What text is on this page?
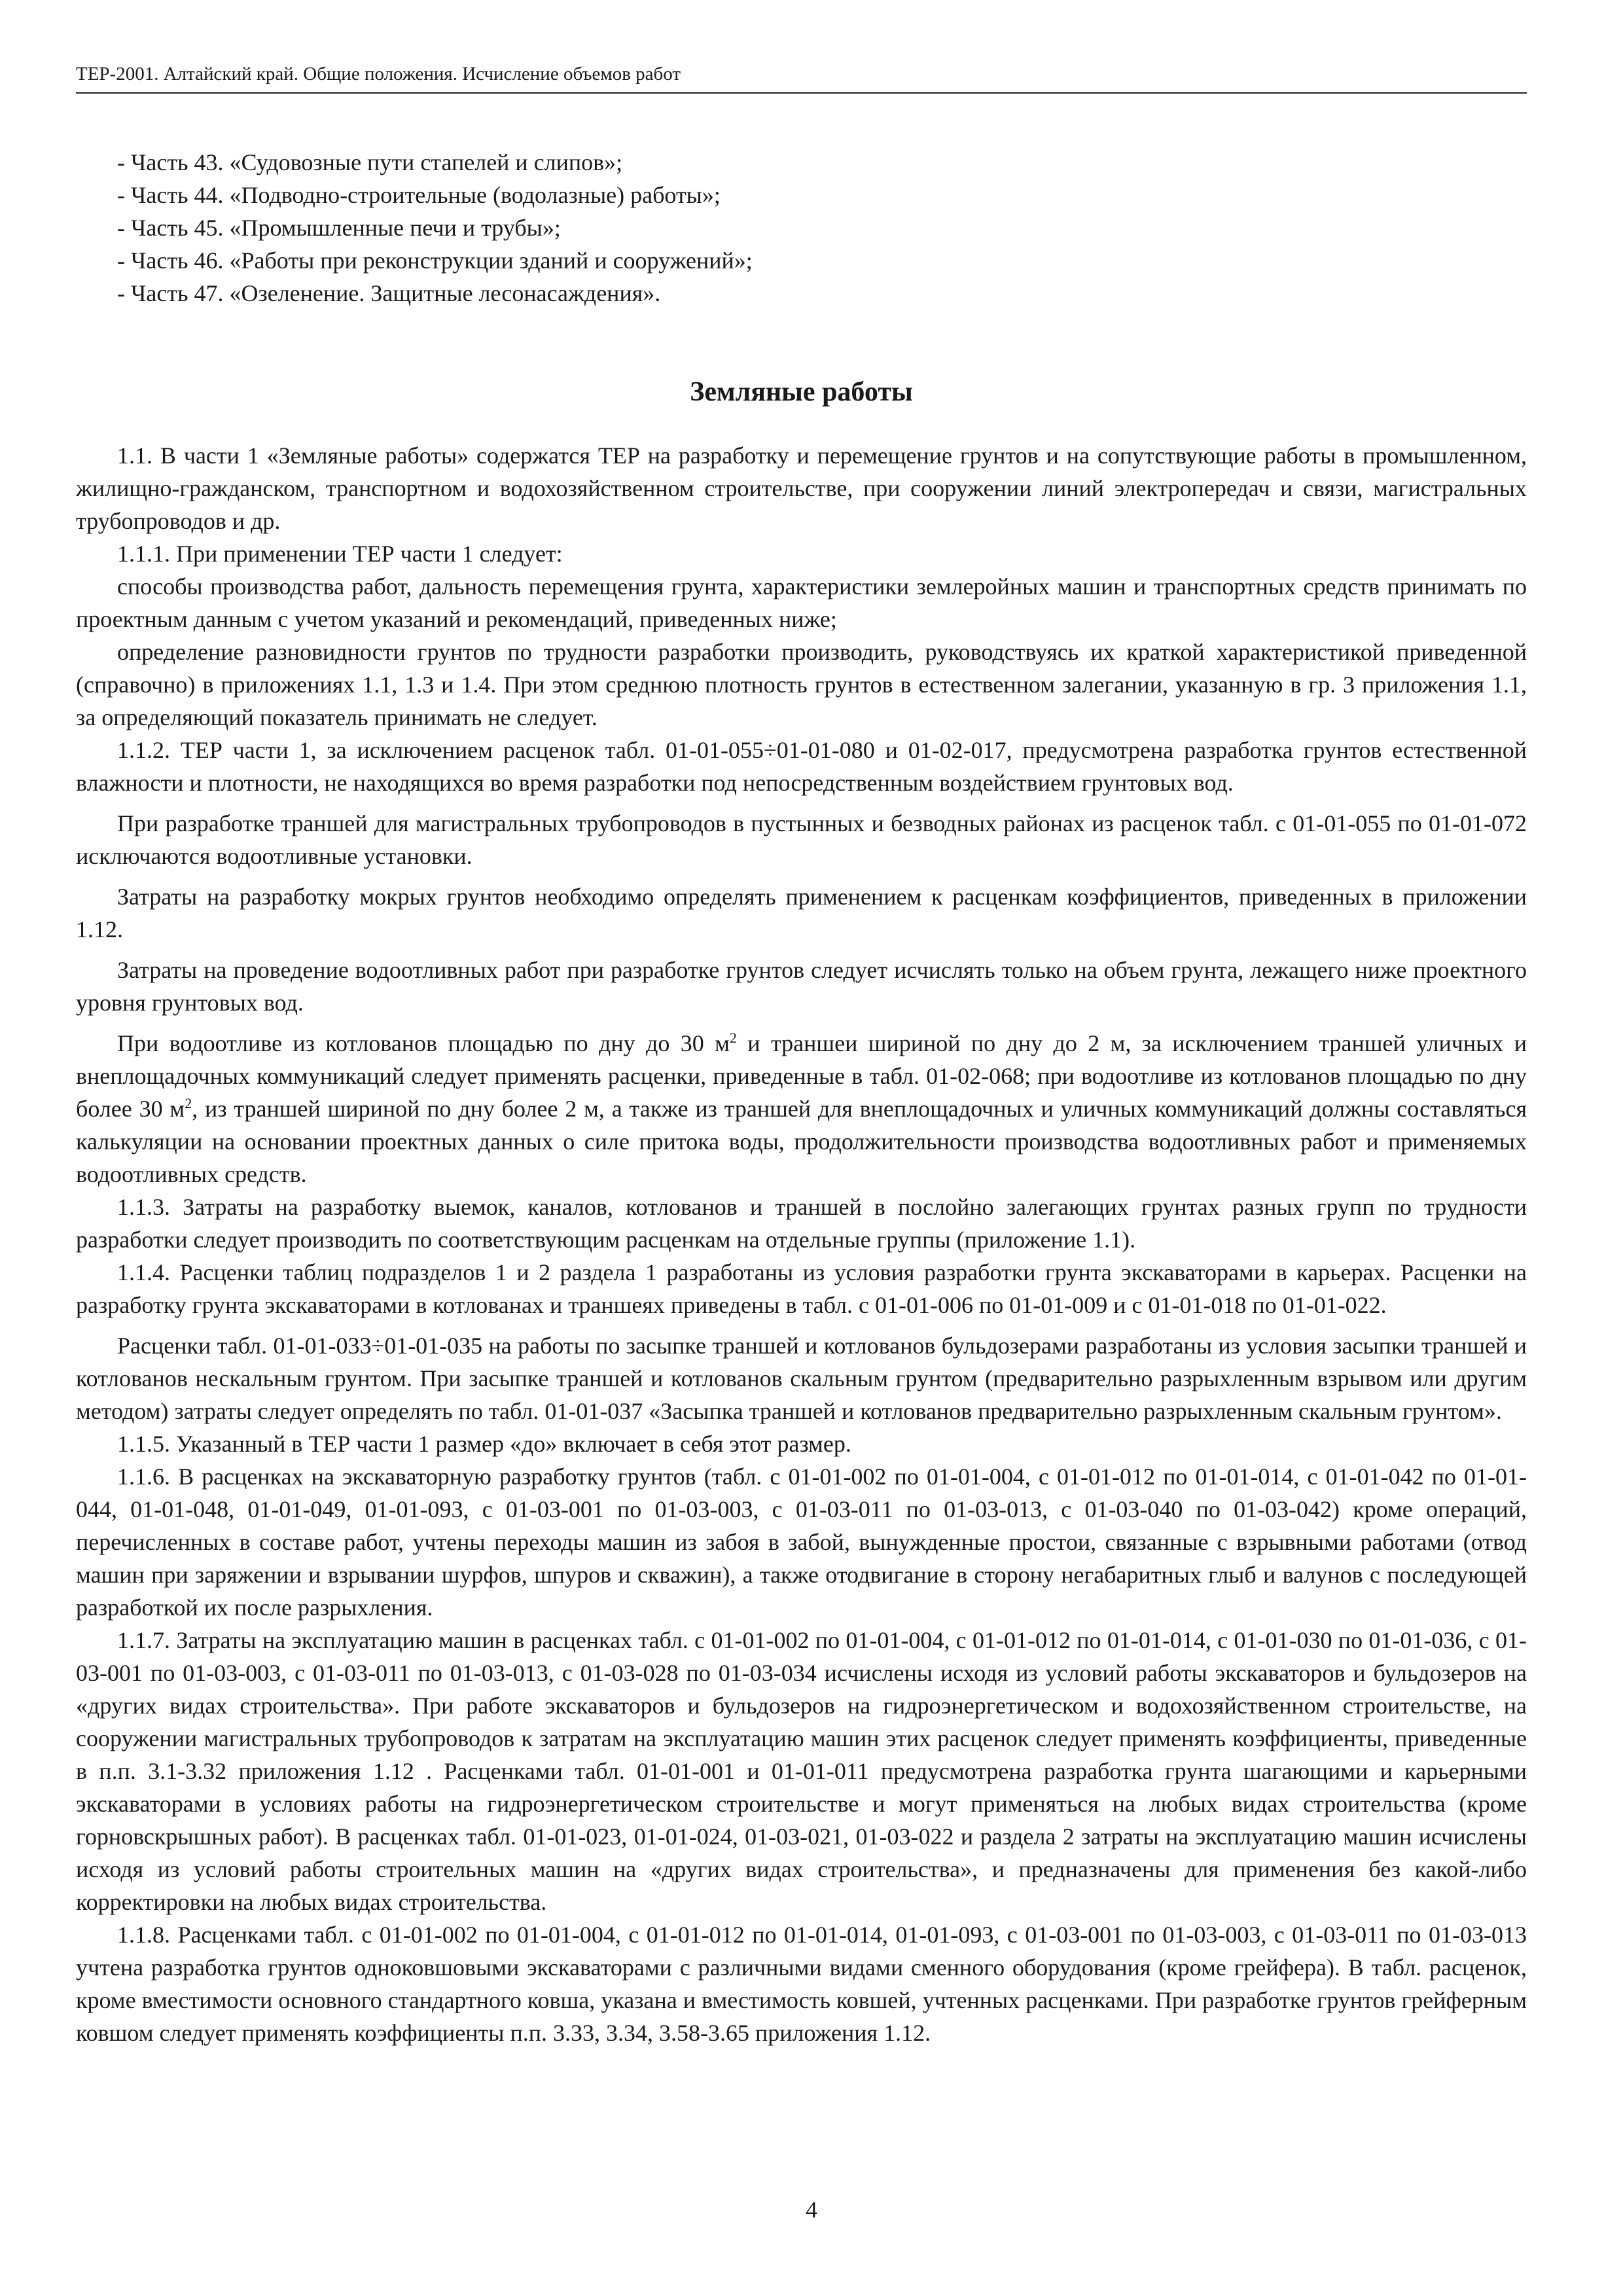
ТЕР-2001. Алтайский край. Общие положения. Исчисление объемов работ
- Часть 43. «Судовозные пути стапелей и слипов»;
- Часть 44. «Подводно-строительные (водолазные) работы»;
- Часть 45. «Промышленные печи и трубы»;
- Часть 46. «Работы при реконструкции зданий и сооружений»;
- Часть 47. «Озеленение. Защитные лесонасаждения».
Земляные работы

1.1. В части 1 «Земляные работы» содержатся ТЕР на разработку и перемещение грунтов и на сопутствующие работы в промышленном, жилищно-гражданском, транспортном и водохозяйственном строительстве, при сооружении линий электропередач и связи, магистральных трубопроводов и др.

1.1.1. При применении ТЕР части 1 следует:

способы производства работ, дальность перемещения грунта, характеристики землеройных машин и транспортных средств принимать по проектным данным с учетом указаний и рекомендаций, приведенных ниже;

определение разновидности грунтов по трудности разработки производить, руководствуясь их краткой характеристикой приведенной (справочно) в приложениях 1.1, 1.3 и 1.4. При этом среднюю плотность грунтов в естественном залегании, указанную в гр. 3 приложения 1.1, за определяющий показатель принимать не следует.

1.1.2. ТЕР части 1, за исключением расценок табл. 01-01-055÷01-01-080 и 01-02-017, предусмотрена разработка грунтов естественной влажности и плотности, не находящихся во время разработки под непосредственным воздействием грунтовых вод.

При разработке траншей для магистральных трубопроводов в пустынных и безводных районах из расценок табл. с 01-01-055 по 01-01-072 исключаются водоотливные установки.

Затраты на разработку мокрых грунтов необходимо определять применением к расценкам коэффициентов, приведенных в приложении 1.12.

Затраты на проведение водоотливных работ при разработке грунтов следует исчислять только на объем грунта, лежащего ниже проектного уровня грунтовых вод.

При водоотливе из котлованов площадью по дну до 30 $м^2$ и траншеи шириной по дну до 2 м, за исключением траншей уличных и внеплощадочных коммуникаций следует применять расценки, приведенные в табл. 01-02-068; при водоотливе из котлованов площадью по дну более 30 $м^2$, из траншей шириной по дну более 2 м, а также из траншей для внеплощадочных и уличных коммуникаций должны составляться калькуляции на основании проектных данных о силе притока воды, продолжительности производства водоотливных работ и применяемых водоотливных средств.

1.1.3. Затраты на разработку выемок, каналов, котлованов и траншей в послойно залегающих грунтах разных групп по трудности разработки следует производить по соответствующим расценкам на отдельные группы (приложение 1.1).

1.1.4. Расценки таблиц подразделов 1 и 2 раздела 1 разработаны из условия разработки грунта экскаваторами в карьерах. Расценки на разработку грунта экскаваторами в котлованах и траншеях приведены в табл. с 01-01-006 по 01-01-009 и с 01-01-018 по 01-01-022.

Расценки табл. 01-01-033÷01-01-035 на работы по засыпке траншей и котлованов бульдозерами разработаны из условия засыпки траншей и котлованов нескальным грунтом. При засыпке траншей и котлованов скальным грунтом (предварительно разрыхленным взрывом или другим методом) затраты следует определять по табл. 01-01-037 «Засыпка траншей и котлованов предварительно разрыхленным скальным грунтом».

1.1.5. Указанный в ТЕР части 1 размер «до» включает в себя этот размер.

1.1.6. В расценках на экскаваторную разработку грунтов (табл. с 01-01-002 по 01-01-004, с 01-01-012 по 01-01-014, с 01-01-042 по 01-01-044, 01-01-048, 01-01-049, 01-01-093, с 01-03-001 по 01-03-003, с 01-03-011 по 01-03-013, с 01-03-040 по 01-03-042) кроме операций, перечисленных в составе работ, учтены переходы машин из забоя в забой, вынужденные простои, связанные с взрывными работами (отвод машин при заряжении и взрывании шурфов, шпуров и скважин), а также отодвигание в сторону негабаритных глыб и валунов с последующей разработкой их после разрыхления.

1.1.7. Затраты на эксплуатацию машин в расценках табл. с 01-01-002 по 01-01-004, с 01-01-012 по 01-01-014, с 01-01-030 по 01-01-036, с 01-03-001 по 01-03-003, с 01-03-011 по 01-03-013, с 01-03-028 по 01-03-034 исчислены исходя из условий работы экскаваторов и бульдозеров на «других видах строительства». При работе экскаваторов и бульдозеров на гидроэнергетическом и водохозяйственном строительстве, на сооружении магистральных трубопроводов к затратам на эксплуатацию машин этих расценок следует применять коэффициенты, приведенные в п.п. 3.1-3.32 приложения 1.12 . Расценками табл. 01-01-001 и 01-01-011 предусмотрена разработка грунта шагающими и карьерными экскаваторами в условиях работы на гидроэнергетическом строительстве и могут применяться на любых видах строительства (кроме горновскрышных работ). В расценках табл. 01-01-023, 01-01-024, 01-03-021, 01-03-022 и раздела 2 затраты на эксплуатацию машин исчислены исходя из условий работы строительных машин на «других видах строительства», и предназначены для применения без какой-либо корректировки на любых видах строительства.

1.1.8. Расценками табл. с 01-01-002 по 01-01-004, с 01-01-012 по 01-01-014, 01-01-093, с 01-03-001 по 01-03-003, с 01-03-011 по 01-03-013 учтена разработка грунтов одноковшовыми экскаваторами с различными видами сменного оборудования (кроме грейфера). В табл. расценок, кроме вместимости основного стандартного ковша, указана и вместимость ковшей, учтенных расценками. При разработке грунтов грейферным ковшом следует применять коэффициенты п.п. 3.33, 3.34, 3.58-3.65 приложения 1.12.

4
